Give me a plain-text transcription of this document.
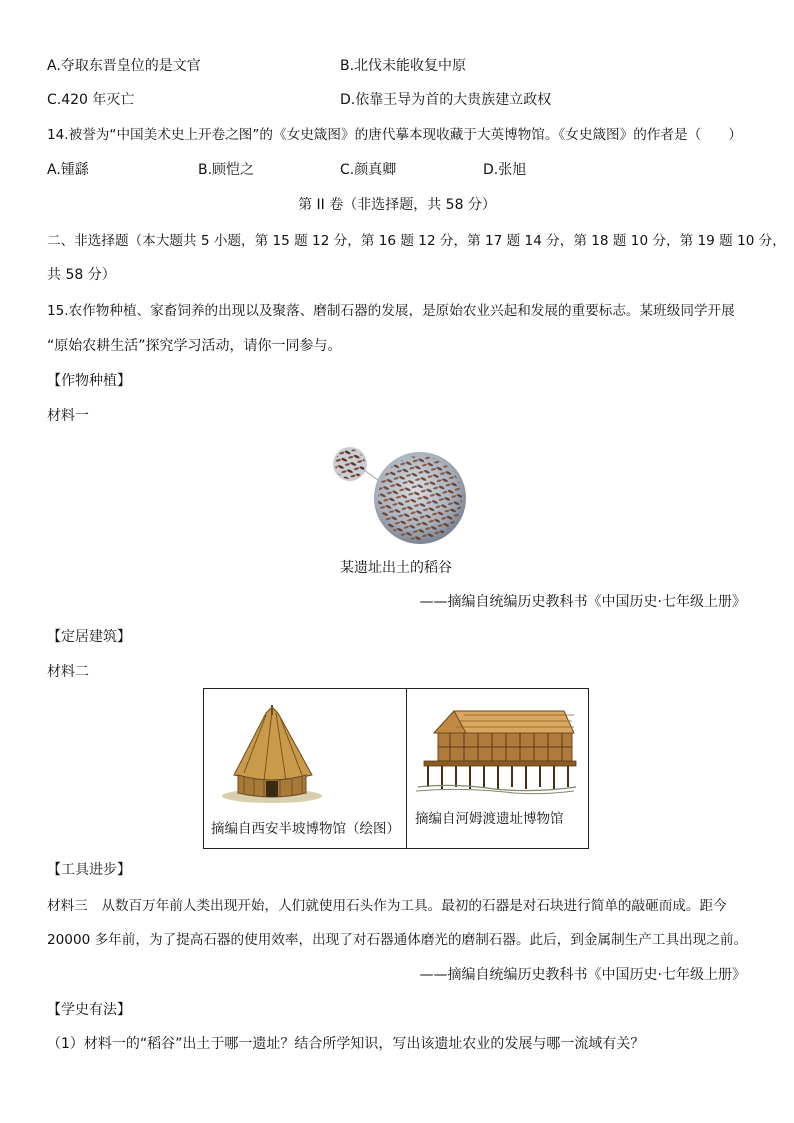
A.夺取东晋皇位的是文官	B.北伐未能收复中原
C.420 年灭亡	D.依靠王导为首的大贵族建立政权
14.被誉为“中国美术史上开卷之图”的《女史箴图》的唐代摹本现收藏于大英博物馆。《女史箴图》的作者是（　　）
A.锺繇	B.顾恺之	C.颜真卿	D.张旭
第 II 卷（非选择题，共 58 分）
二、非选择题（本大题共 5 小题，第 15 题 12 分，第 16 题 12 分，第 17 题 14 分，第 18 题 10 分，第 19 题 10 分，
共 58 分）
15.农作物种植、家畜饲养的出现以及聚落、磨制石器的发展，是原始农业兴起和发展的重要标志。某班级同学开展
“原始农耕生活”探究学习活动，请你一同参与。
【作物种植】
材料一
某遗址出土的稻谷
——摘编自统编历史教科书《中国历史·七年级上册》
【定居建筑】
材料二
摘编自西安半坡博物馆（绘图）
摘编自河姆渡遗址博物馆
【工具进步】
材料三　从数百万年前人类出现开始，人们就使用石头作为工具。最初的石器是对石块进行简单的敲砸而成。距今
20000 多年前，为了提高石器的使用效率，出现了对石器通体磨光的磨制石器。此后，到金属制生产工具出现之前。
——摘编自统编历史教科书《中国历史·七年级上册》
【学史有法】
（1）材料一的“稻谷”出土于哪一遗址？结合所学知识，写出该遗址农业的发展与哪一流域有关？
